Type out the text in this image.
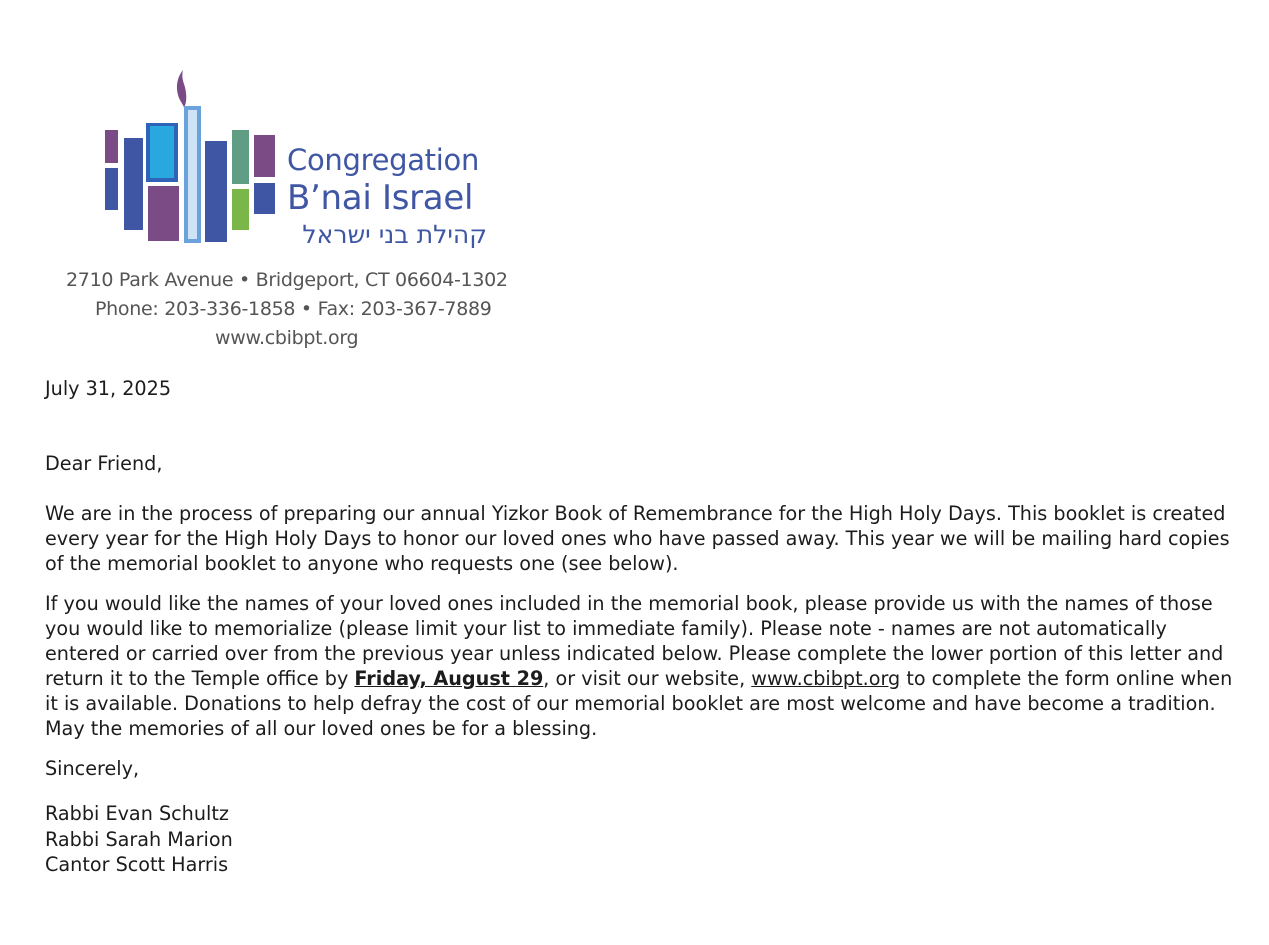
Congregation
B’nai Israel
קהילת בני ישראל
2710 Park Avenue • Bridgeport, CT 06604-1302
Phone: 203-336-1858 • Fax: 203-367-7889
www.cbibpt.org

July 31, 2025

Dear Friend,

We are in the process of preparing our annual Yizkor Book of Remembrance for the High Holy Days. This booklet is created every year for the High Holy Days to honor our loved ones who have passed away. This year we will be mailing hard copies of the memorial booklet to anyone who requests one (see below).

If you would like the names of your loved ones included in the memorial book, please provide us with the names of those you would like to memorialize (please limit your list to immediate family). Please note - names are not automatically entered or carried over from the previous year unless indicated below. Please complete the lower portion of this letter and return it to the Temple office by Friday, August 29, or visit our website, www.cbibpt.org to complete the form online when it is available. Donations to help defray the cost of our memorial booklet are most welcome and have become a tradition. May the memories of all our loved ones be for a blessing.

Sincerely,

Rabbi Evan Schultz
Rabbi Sarah Marion
Cantor Scott Harris
